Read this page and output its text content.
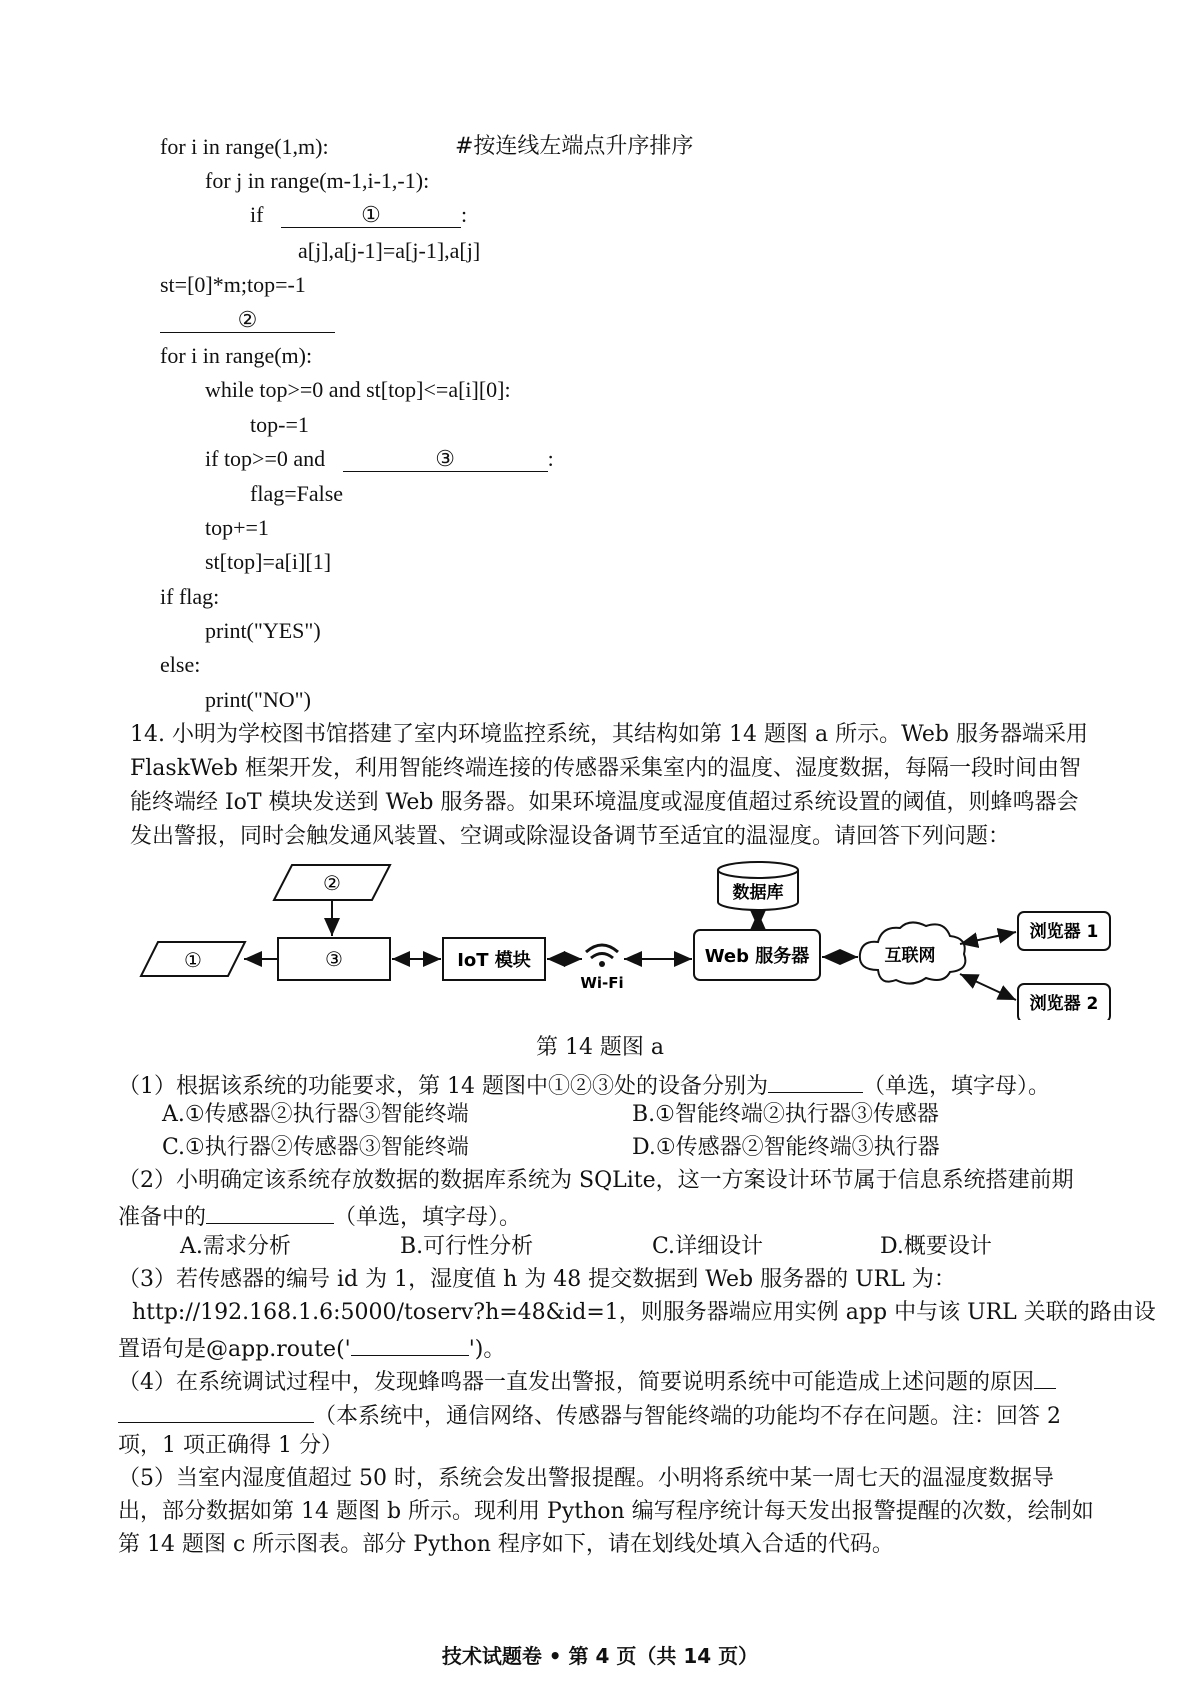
for i in range(1,m):	#按连线左端点升序排序
for j in range(m-1,i-1,-1):
if	①	:
a[j],a[j-1]=a[j-1],a[j]
st=[0]*m;top=-1
②
for i in range(m):
while top>=0 and st[top]<=a[i][0]:
top-=1
if top>=0 and	③	:
flag=False
top+=1
st[top]=a[i][1]
if flag:
print("YES")
else:
print("NO")
14. 小明为学校图书馆搭建了室内环境监控系统，其结构如第 14 题图 a 所示。Web 服务器端采用
FlaskWeb 框架开发，利用智能终端连接的传感器采集室内的温度、湿度数据，每隔一段时间由智
能终端经 IoT 模块发送到 Web 服务器。如果环境温度或湿度值超过系统设置的阈值，则蜂鸣器会
发出警报，同时会触发通风装置、空调或除湿设备调节至适宜的温湿度。请回答下列问题：
②
①	③	IoT 模块
Wi-Fi
Web 服务器
数据库
互联网
浏览器 1
浏览器 2
第 14 题图 a
（1）根据该系统的功能要求，第 14 题图中①②③处的设备分别为	（单选，填字母）。
A.①传感器②执行器③智能终端	B.①智能终端②执行器③传感器
C.①执行器②传感器③智能终端	D.①传感器②智能终端③执行器
（2）小明确定该系统存放数据的数据库系统为 SQLite，这一方案设计环节属于信息系统搭建前期
准备中的	（单选，填字母）。
A.需求分析	B.可行性分析	C.详细设计	D.概要设计
（3）若传感器的编号 id 为 1，湿度值 h 为 48 提交数据到 Web 服务器的 URL 为：
http://192.168.1.6:5000/toserv?h=48&id=1，则服务器端应用实例 app 中与该 URL 关联的路由设
置语句是@app.route('	')。
（4）在系统调试过程中，发现蜂鸣器一直发出警报，简要说明系统中可能造成上述问题的原因
（本系统中，通信网络、传感器与智能终端的功能均不存在问题。注：回答 2
项，1 项正确得 1 分）
（5）当室内湿度值超过 50 时，系统会发出警报提醒。小明将系统中某一周七天的温湿度数据导
出，部分数据如第 14 题图 b 所示。现利用 Python 编写程序统计每天发出报警提醒的次数，绘制如
第 14 题图 c 所示图表。部分 Python 程序如下，请在划线处填入合适的代码。
技术试题卷 • 第 4 页（共 14 页）
